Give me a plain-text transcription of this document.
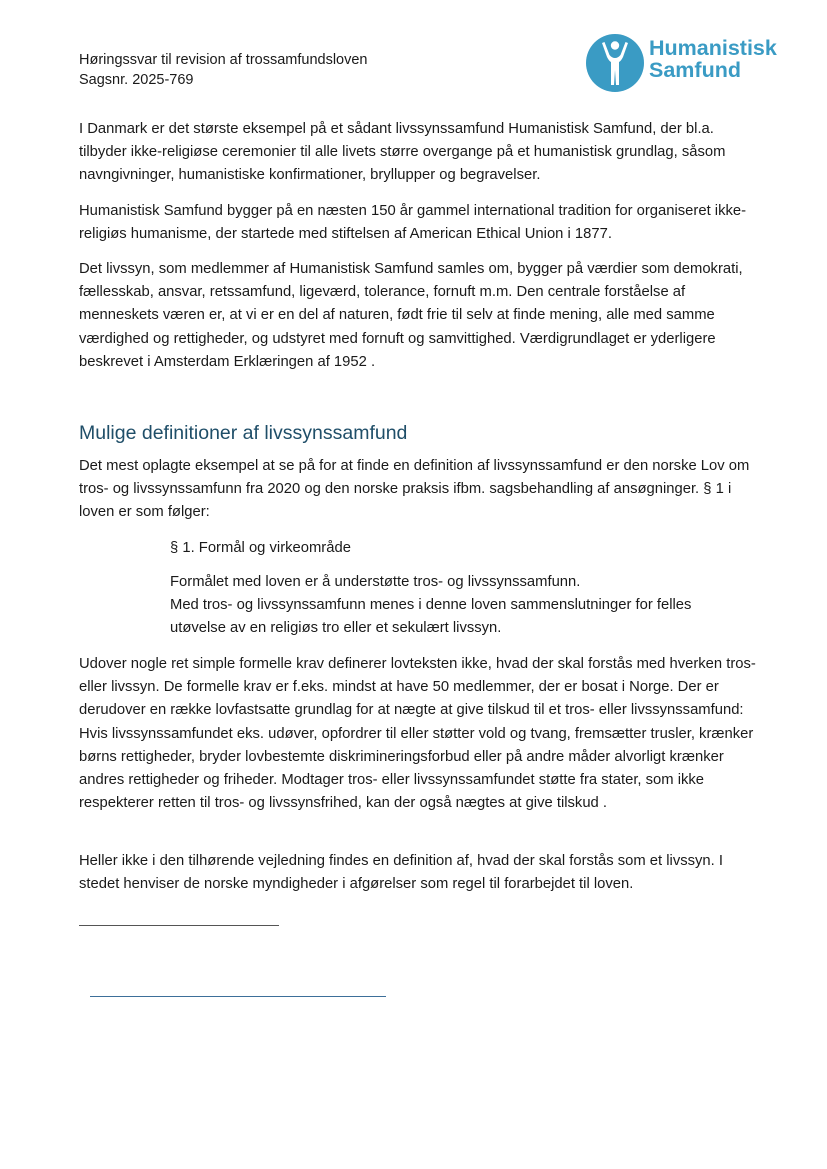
Høringssvar til revision af trossamfundsloven
Sagsnr. 2025-769
Humanistisk
Samfund

I Danmark er det største eksempel på et sådant livssynssamfund Humanistisk Samfund, der bl.a. tilbyder ikke-religiøse ceremonier til alle livets større overgange på et humanistisk grundlag, såsom navngivninger, humanistiske konfirmationer, bryllupper og begravelser.

Humanistisk Samfund bygger på en næsten 150 år gammel international tradition for organiseret ikke-religiøs humanisme, der startede med stiftelsen af American Ethical Union i 1877.

Det livssyn, som medlemmer af Humanistisk Samfund samles om, bygger på værdier som demokrati, fællesskab, ansvar, retssamfund, ligeværd, tolerance, fornuft m.m. Den centrale forståelse af menneskets væren er, at vi er en del af naturen, født frie til selv at finde mening, alle med samme værdighed og rettigheder, og udstyret med fornuft og samvittighed. Værdigrundlaget er yderligere beskrevet i Amsterdam Erklæringen af 1952 .

Mulige definitioner af livssynssamfund

Det mest oplagte eksempel at se på for at finde en definition af livssynssamfund er den norske Lov om tros- og livssynssamfunn fra 2020 og den norske praksis ifbm. sagsbehandling af ansøgninger. § 1 i loven er som følger:

§ 1. Formål og virkeområde

Formålet med loven er å understøtte tros- og livssynssamfunn.

Med tros- og livssynssamfunn menes i denne loven sammenslutninger for felles utøvelse av en religiøs tro eller et sekulært livssyn.

Udover nogle ret simple formelle krav definerer lovteksten ikke, hvad der skal forstås med hverken tros- eller livssyn. De formelle krav er f.eks. mindst at have 50 medlemmer, der er bosat i Norge. Der er derudover en række lovfastsatte grundlag for at nægte at give tilskud til et tros- eller livssynssamfund: Hvis livssynssamfundet eks. udøver, opfordrer til eller støtter vold og tvang, fremsætter trusler, krænker børns rettigheder, bryder lovbestemte diskrimineringsforbud eller på andre måder alvorligt krænker andres rettigheder og friheder. Modtager tros- eller livssynssamfundet støtte fra stater, som ikke respekterer retten til tros- og livssynsfrihed, kan der også nægtes at give tilskud .

Heller ikke i den tilhørende vejledning findes en definition af, hvad der skal forstås som et livssyn. I stedet henviser de norske myndigheder i afgørelser som regel til forarbejdet til loven.
